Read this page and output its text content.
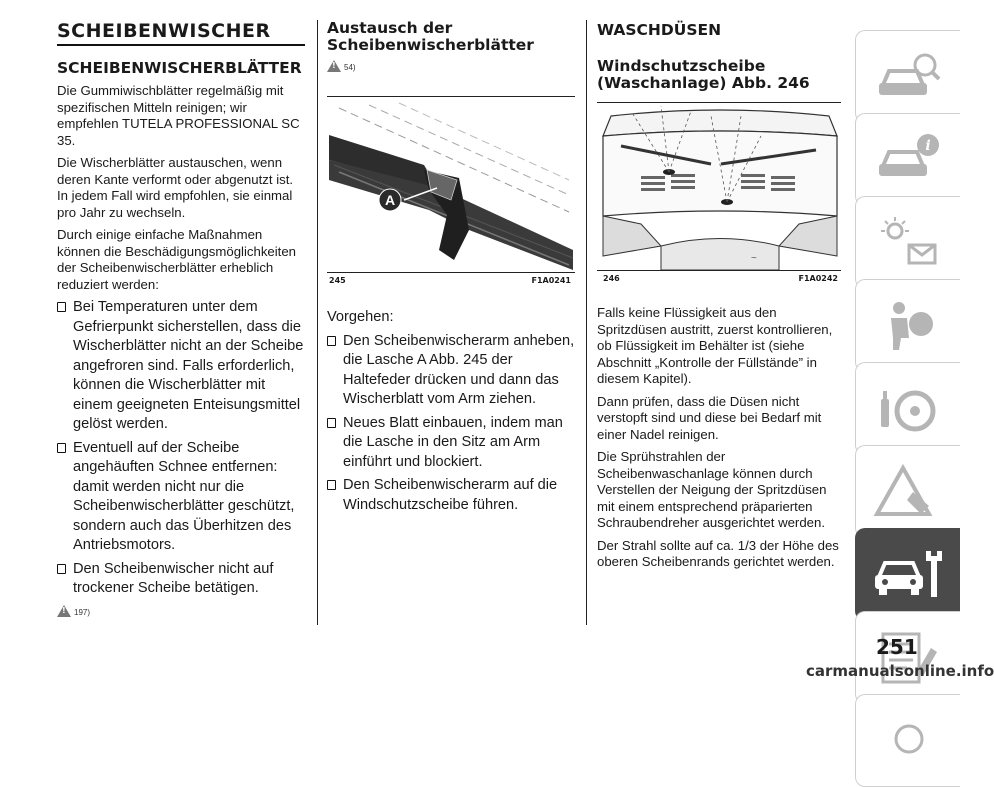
SCHEIBENWISCHER
SCHEIBENWISCHERBLÄTTER

Die Gummiwischblätter regelmäßig mit spezifischen Mitteln reinigen; wir empfehlen TUTELA PROFESSIONAL SC 35.

Die Wischerblätter austauschen, wenn deren Kante verformt oder abgenutzt ist. In jedem Fall wird empfohlen, sie einmal pro Jahr zu wechseln.

Durch einige einfache Maßnahmen können die Beschädigungsmöglichkeiten der Scheibenwischerblätter erheblich reduziert werden:

Bei Temperaturen unter dem Gefrierpunkt sicherstellen, dass die Wischerblätter nicht an der Scheibe angefroren sind. Falls erforderlich, können die Wischerblätter mit einem geeigneten Enteisungsmittel gelöst werden.
Eventuell auf der Scheibe angehäuften Schnee entfernen: damit werden nicht nur die Scheibenwischerblätter geschützt, sondern auch das Überhitzen des Antriebsmotors.
Den Scheibenwischer nicht auf trockener Scheibe betätigen.
!
197)
Austausch der Scheibenwischerblätter
!
54)
A
245	F1A0241

Vorgehen:

Den Scheibenwischerarm anheben, die Lasche A Abb. 245 der Haltefeder drücken und dann das Wischerblatt vom Arm ziehen.
Neues Blatt einbauen, indem man die Lasche in den Sitz am Arm einführt und blockiert.
Den Scheibenwischerarm auf die Windschutzscheibe führen.
WASCHDÜSEN
Windschutzscheibe (Waschanlage) Abb. 246
~
246	F1A0242

Falls keine Flüssigkeit aus den Spritzdüsen austritt, zuerst kontrollieren, ob Flüssigkeit im Behälter ist (siehe Abschnitt „Kontrolle der Füllstände” in diesem Kapitel).

Dann prüfen, dass die Düsen nicht verstopft sind und diese bei Bedarf mit einer Nadel reinigen.

Die Sprühstrahlen der Scheibenwaschanlage können durch Verstellen der Neigung der Spritzdüsen mit einem entsprechend präparierten Schraubendreher ausgerichtet werden.

Der Strahl sollte auf ca. 1/3 der Höhe des oberen Scheibenrands gerichtet werden.

i
251
carmanualsonline.info
